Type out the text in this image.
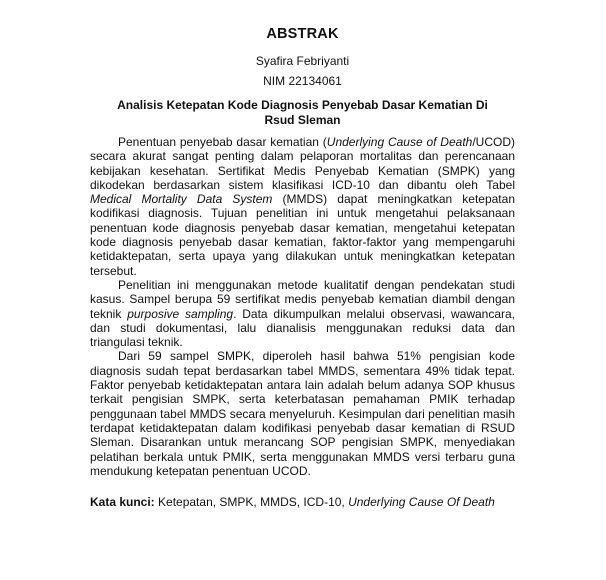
ABSTRAK

Syafira Febriyanti

NIM 22134061

Analisis Ketepatan Kode Diagnosis Penyebab Dasar Kematian Di Rsud Sleman

Penentuan penyebab dasar kematian (Underlying Cause of Death/UCOD) secara akurat sangat penting dalam pelaporan mortalitas dan perencanaan kebijakan kesehatan. Sertifikat Medis Penyebab Kematian (SMPK) yang dikodekan berdasarkan sistem klasifikasi ICD-10 dan dibantu oleh Tabel Medical Mortality Data System (MMDS) dapat meningkatkan ketepatan kodifikasi diagnosis. Tujuan penelitian ini untuk mengetahui pelaksanaan penentuan kode diagnosis penyebab dasar kematian, mengetahui ketepatan kode diagnosis penyebab dasar kematian, faktor-faktor yang mempengaruhi ketidaktepatan, serta upaya yang dilakukan untuk meningkatkan ketepatan tersebut.

Penelitian ini menggunakan metode kualitatif dengan pendekatan studi kasus. Sampel berupa 59 sertifikat medis penyebab kematian diambil dengan teknik purposive sampling. Data dikumpulkan melalui observasi, wawancara, dan studi dokumentasi, lalu dianalisis menggunakan reduksi data dan triangulasi teknik.

Dari 59 sampel SMPK, diperoleh hasil bahwa 51% pengisian kode diagnosis sudah tepat berdasarkan tabel MMDS, sementara 49% tidak tepat. Faktor penyebab ketidaktepatan antara lain adalah belum adanya SOP khusus terkait pengisian SMPK, serta keterbatasan pemahaman PMIK terhadap penggunaan tabel MMDS secara menyeluruh. Kesimpulan dari penelitian masih terdapat ketidaktepatan dalam kodifikasi penyebab dasar kematian di RSUD Sleman. Disarankan untuk merancang SOP pengisian SMPK, menyediakan pelatihan berkala untuk PMIK, serta menggunakan MMDS versi terbaru guna mendukung ketepatan penentuan UCOD.

Kata kunci: Ketepatan, SMPK, MMDS, ICD-10, Underlying Cause Of Death
